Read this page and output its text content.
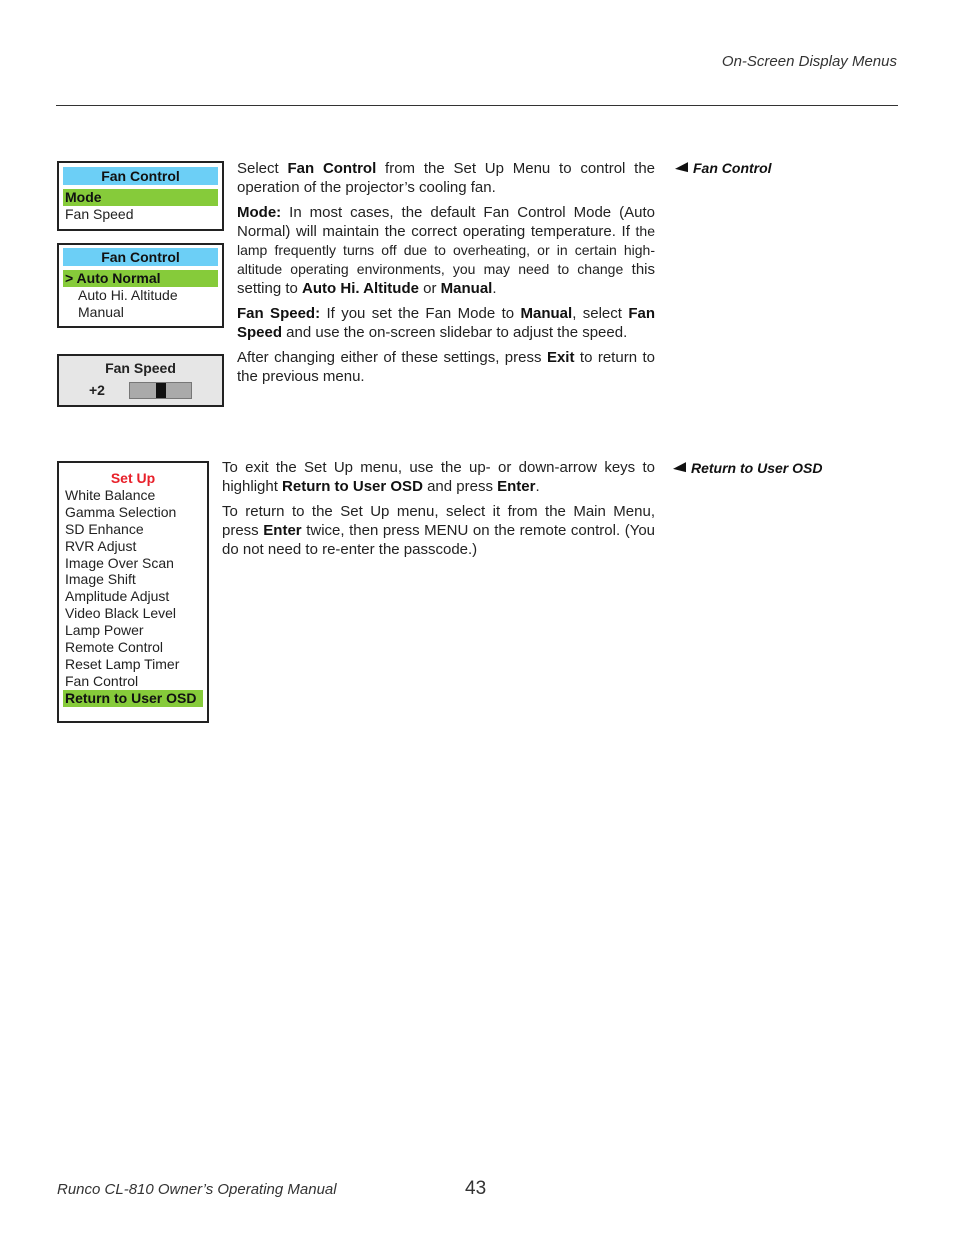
On-Screen Display Menus
Fan Control
Mode
Fan Speed
Fan Control
> Auto Normal
Auto Hi. Altitude
Manual
Fan Speed
+2
Set Up
White Balance
Gamma Selection
SD Enhance
RVR Adjust
Image Over Scan
Image Shift
Amplitude Adjust
Video Black Level
Lamp Power
Remote Control
Reset Lamp Timer
Fan Control
Return to User OSD

Select Fan Control from the Set Up Menu to control the operation of the projector’s cooling fan.

Mode: In most cases, the default Fan Control Mode (Auto Normal) will maintain the correct operating temperature. If the lamp frequently turns off due to overheating, or in certain high-altitude operating environments, you may need to change this setting to Auto Hi. Altitude or Manual.

Fan Speed: If you set the Fan Mode to Manual, select Fan Speed and use the on-screen slidebar to adjust the speed.

After changing either of these settings, press Exit to return to the previous menu.

Fan Control

To exit the Set Up menu, use the up- or down-arrow keys to highlight Return to User OSD and press Enter.

To return to the Set Up menu, select it from the Main Menu, press Enter twice, then press MENU on the remote control. (You do not need to re-enter the passcode.)

Return to User OSD
Runco CL-810 Owner’s Operating Manual	43
